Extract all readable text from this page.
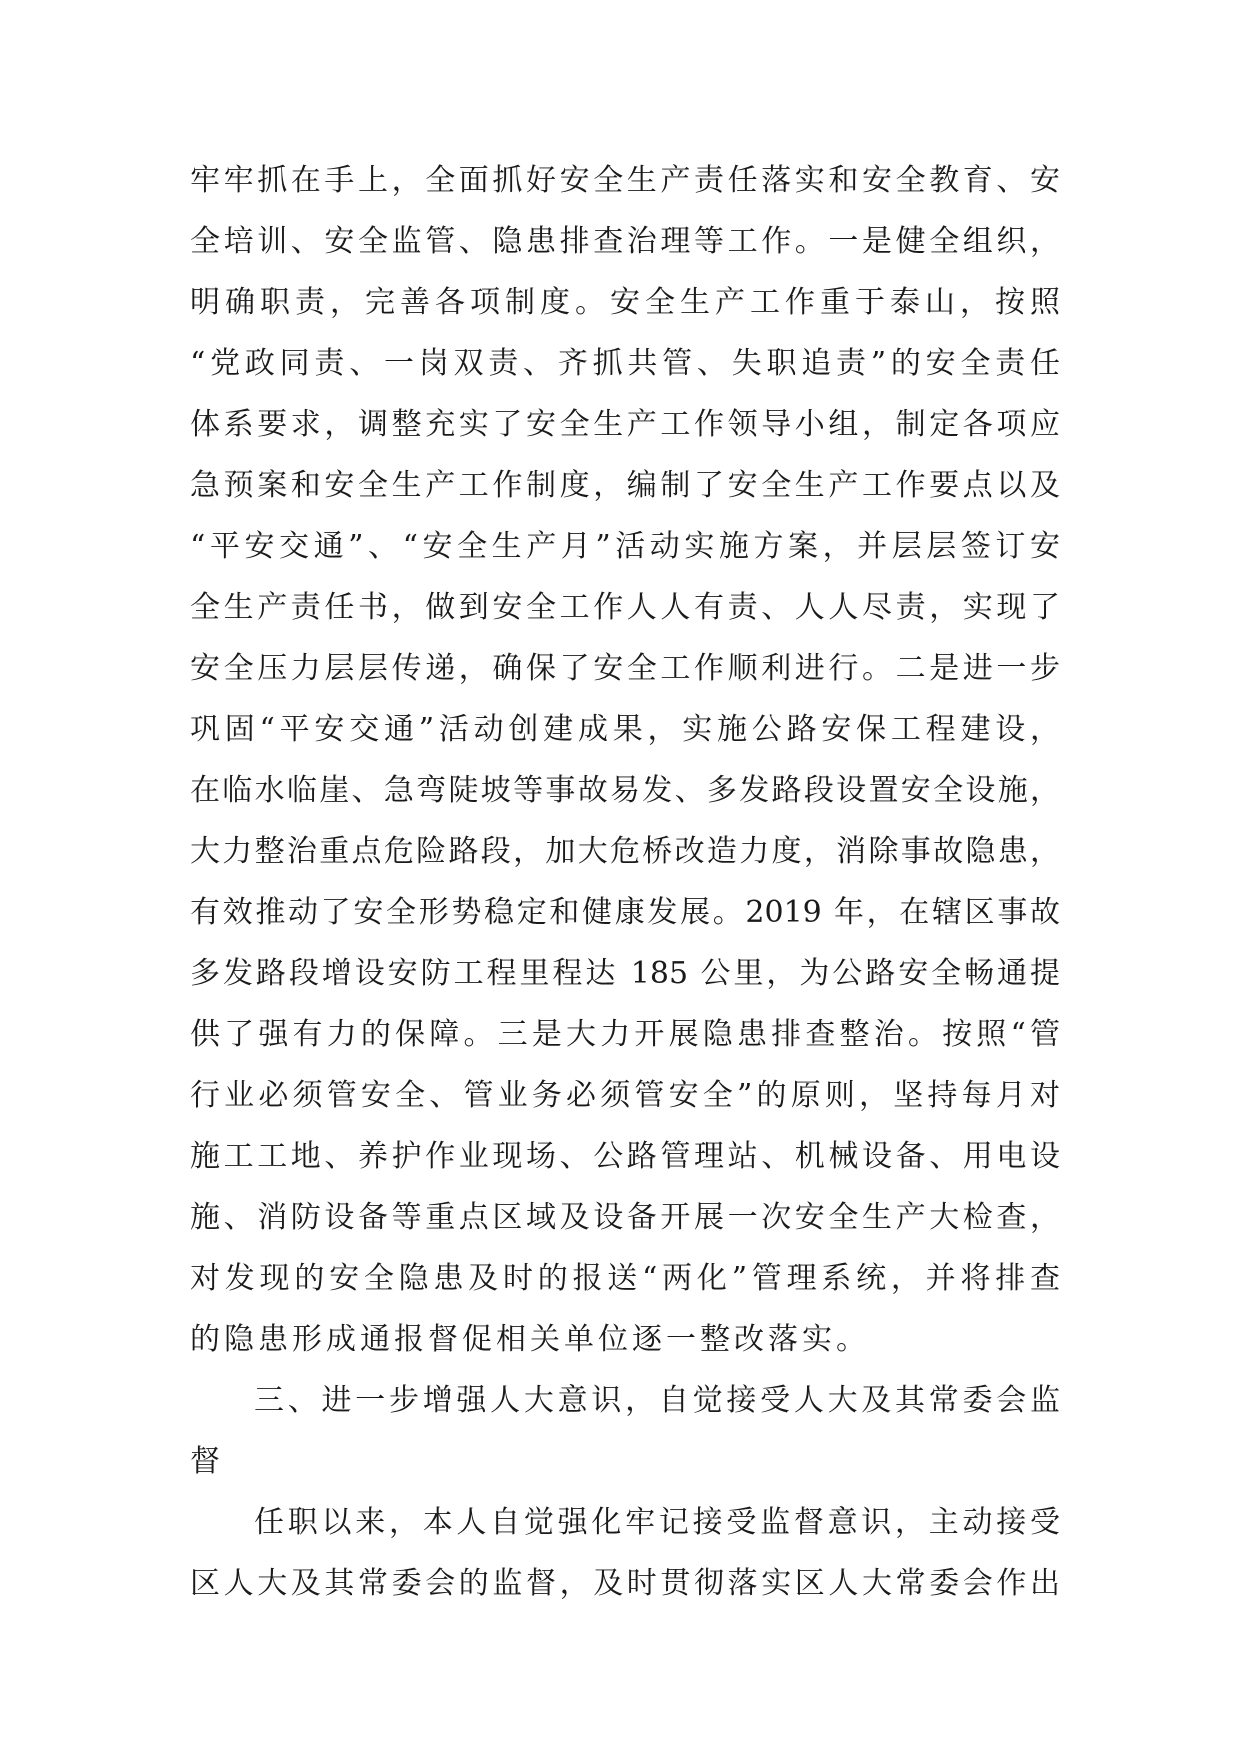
牢牢抓在手上，全面抓好安全生产责任落实和安全教育、安
全培训、安全监管、隐患排查治理等工作。一是健全组织，
明确职责，完善各项制度。安全生产工作重于泰山，按照
“党政同责、一岗双责、齐抓共管、失职追责”的安全责任
体系要求，调整充实了安全生产工作领导小组，制定各项应
急预案和安全生产工作制度，编制了安全生产工作要点以及
“平安交通”、“安全生产月”活动实施方案，并层层签订安
全生产责任书，做到安全工作人人有责、人人尽责，实现了
安全压力层层传递，确保了安全工作顺利进行。二是进一步
巩固“平安交通”活动创建成果，实施公路安保工程建设，
在临水临崖、急弯陡坡等事故易发、多发路段设置安全设施，
大力整治重点危险路段，加大危桥改造力度，消除事故隐患，
有效推动了安全形势稳定和健康发展。2019 年，在辖区事故
多发路段增设安防工程里程达 185 公里，为公路安全畅通提
供了强有力的保障。三是大力开展隐患排查整治。按照“管
行业必须管安全、管业务必须管安全”的原则，坚持每月对
施工工地、养护作业现场、公路管理站、机械设备、用电设
施、消防设备等重点区域及设备开展一次安全生产大检查，
对发现的安全隐患及时的报送“两化”管理系统，并将排查
的隐患形成通报督促相关单位逐一整改落实。
三、进一步增强人大意识，自觉接受人大及其常委会监
督
任职以来，本人自觉强化牢记接受监督意识，主动接受
区人大及其常委会的监督，及时贯彻落实区人大常委会作出
